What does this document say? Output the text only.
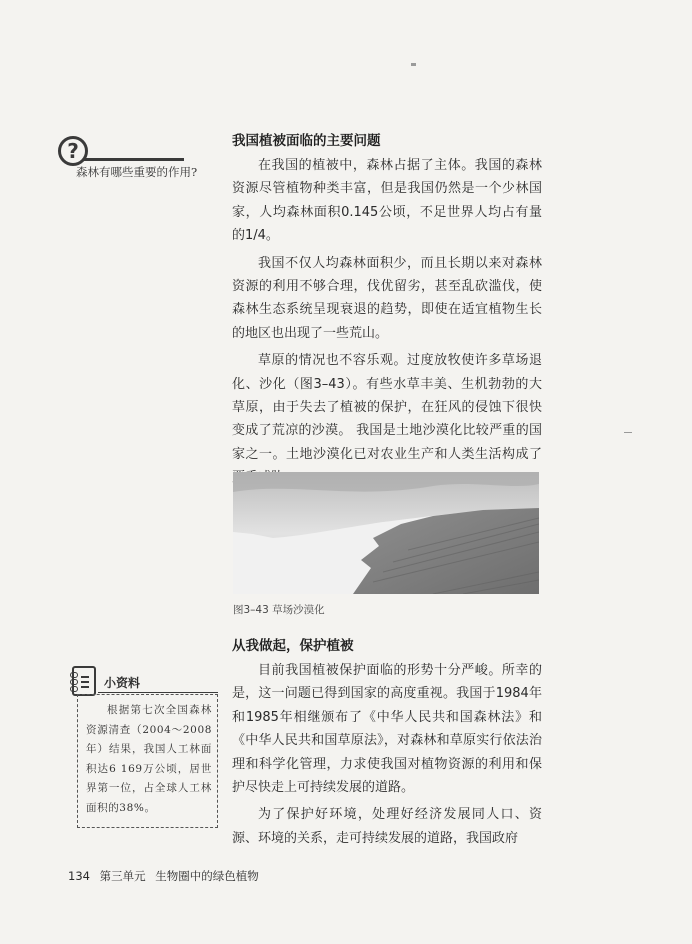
?
森林有哪些重要的作用?
我国植被面临的主要问题

在我国的植被中，森林占据了主体。我国的森林资源尽管植物种类丰富，但是我国仍然是一个少林国家，人均森林面积0.145公顷，不足世界人均占有量的1/4。

我国不仅人均森林面积少，而且长期以来对森林资源的利用不够合理，伐优留劣，甚至乱砍滥伐，使森林生态系统呈现衰退的趋势，即使在适宜植物生长的地区也出现了一些荒山。

草原的情况也不容乐观。过度放牧使许多草场退化、沙化（图3–43）。有些水草丰美、生机勃勃的大草原，由于失去了植被的保护，在狂风的侵蚀下很快变成了荒凉的沙漠。 我国是土地沙漠化比较严重的国家之一。土地沙漠化已对农业生产和人类生活构成了

图3–43 草场沙漠化
从我做起，保护植被

目前我国植被保护面临的形势十分严峻。所幸的是，这一问题已得到国家的高度重视。我国于1984年和1985年相继颁布了《中华人民共和国森林法》和《中华人民共和国草原法》，对森林和草原实行依法治理和科学化管理，力求使我国对植物资源的利用和保护尽快走上可持续发展的道路。

为了保护好环境，处理好经济发展同人口、资源、环境的关系，走可持续发展的道路，我国政府

小资料

根据第七次全国森林资源清查（2004～2008年）结果，我国人工林面积达6 169万公顷，居世界第一位，占全球人工林面积的38%。

134 第三单元 生物圈中的绿色植物
